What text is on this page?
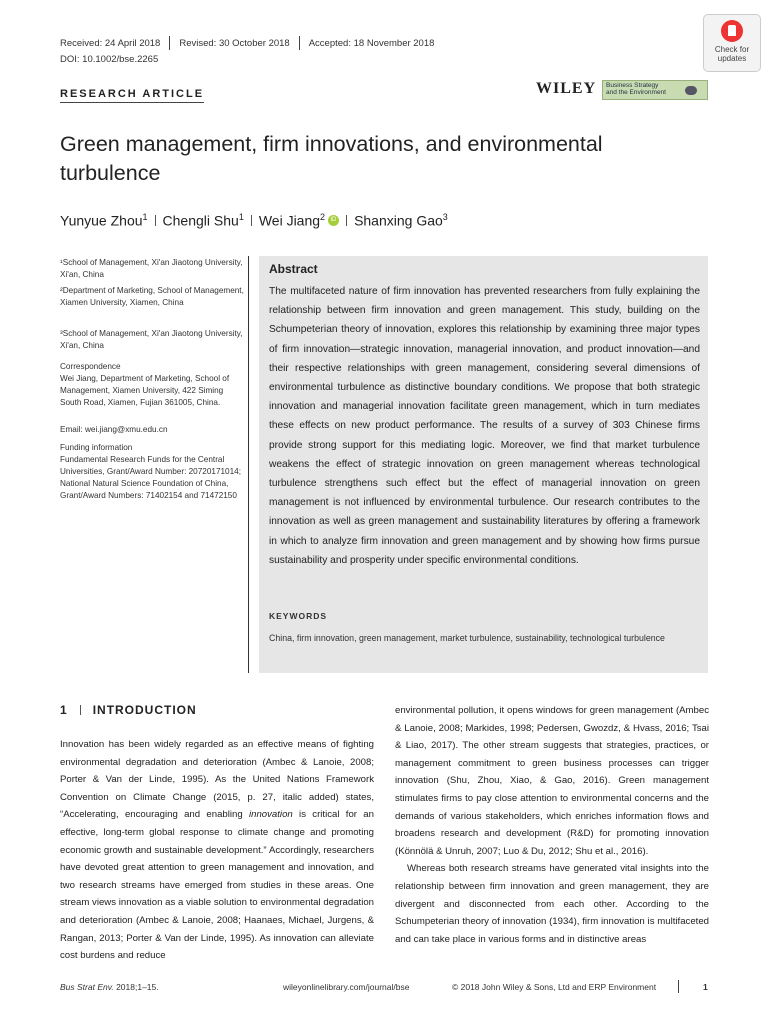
Received: 24 April 2018 Revised: 30 October 2018 Accepted: 18 November 2018
DOI: 10.1002/bse.2265
Check for
updates
WILEY Business Strategy
and the Environment
RESEARCH ARTICLE
Green management, firm innovations, and environmental turbulence
Yunyue Zhou$^1$ Chengli Shu$^1$ Wei Jiang$^2$ iD Shanxing Gao$^3$
¹School of Management, Xi'an Jiaotong University, Xi'an, China
²Department of Marketing, School of Management, Xiamen University, Xiamen, China
³School of Management, Xi'an Jiaotong University, Xi'an, China
Correspondence
Wei Jiang, Department of Marketing, School of Management, Xiamen University, 422 Siming South Road, Xiamen, Fujian 361005, China.
Email: wei.jiang@xmu.edu.cn
Funding information
Fundamental Research Funds for the Central Universities, Grant/Award Number: 20720171014; National Natural Science Foundation of China, Grant/Award Numbers: 71402154 and 71472150
Abstract
The multifaceted nature of firm innovation has prevented researchers from fully explaining the relationship between firm innovation and green management. This study, building on the Schumpeterian theory of innovation, explores this relationship by examining three major types of firm innovation—strategic innovation, managerial innovation, and product innovation—and their respective relationships with green management, considering several dimensions of environmental turbulence as distinctive boundary conditions. We propose that both strategic innovation and managerial innovation facilitate green management, which in turn mediates these effects on new product performance. The results of a survey of 303 Chinese firms provide strong support for this mediating logic. Moreover, we find that market turbulence weakens the effect of strategic innovation on green management whereas technological turbulence strengthens such effect but the effect of managerial innovation on green management is not influenced by environmental turbulence. Our research contributes to the innovation as well as green management and sustainability literatures by offering a framework in which to analyze firm innovation and green management and by showing how firms pursue sustainability and prosperity under specific environmental conditions.
KEYWORDS
China, firm innovation, green management, market turbulence, sustainability, technological turbulence
1 INTRODUCTION

Innovation has been widely regarded as an effective means of fighting environmental degradation and deterioration (Ambec & Lanoie, 2008; Porter & Van der Linde, 1995). As the United Nations Framework Convention on Climate Change (2015, p. 27, italic added) states, “Accelerating, encouraging and enabling innovation is critical for an effective, long-term global response to climate change and promoting economic growth and sustainable development.” Accordingly, researchers have devoted great attention to green management and innovation, and two research streams have emerged from studies in these areas. One stream views innovation as a viable solution to environmental degradation and deterioration (Ambec & Lanoie, 2008; Haanaes, Michael, Jurgens, & Rangan, 2013; Porter & Van der Linde, 1995). As innovation can alleviate cost burdens and reduce

environmental pollution, it opens windows for green management (Ambec & Lanoie, 2008; Markides, 1998; Pedersen, Gwozdz, & Hvass, 2016; Tsai & Liao, 2017). The other stream suggests that strategies, practices, or management commitment to green business processes can trigger innovation (Shu, Zhou, Xiao, & Gao, 2016). Green management stimulates firms to pay close attention to environmental concerns and the demands of various stakeholders, which enriches information flows and broadens research and development (R&D) for promoting innovation (Könnölä & Unruh, 2007; Luo & Du, 2012; Shu et al., 2016).

Whereas both research streams have generated vital insights into the relationship between firm innovation and green management, they are divergent and disconnected from each other. According to the Schumpeterian theory of innovation (1934), firm innovation is multifaceted and can take place in various forms and in distinctive areas

Bus Strat Env. 2018;1–15.	wileyonlinelibrary.com/journal/bse	© 2018 John Wiley & Sons, Ltd and ERP Environment	1
